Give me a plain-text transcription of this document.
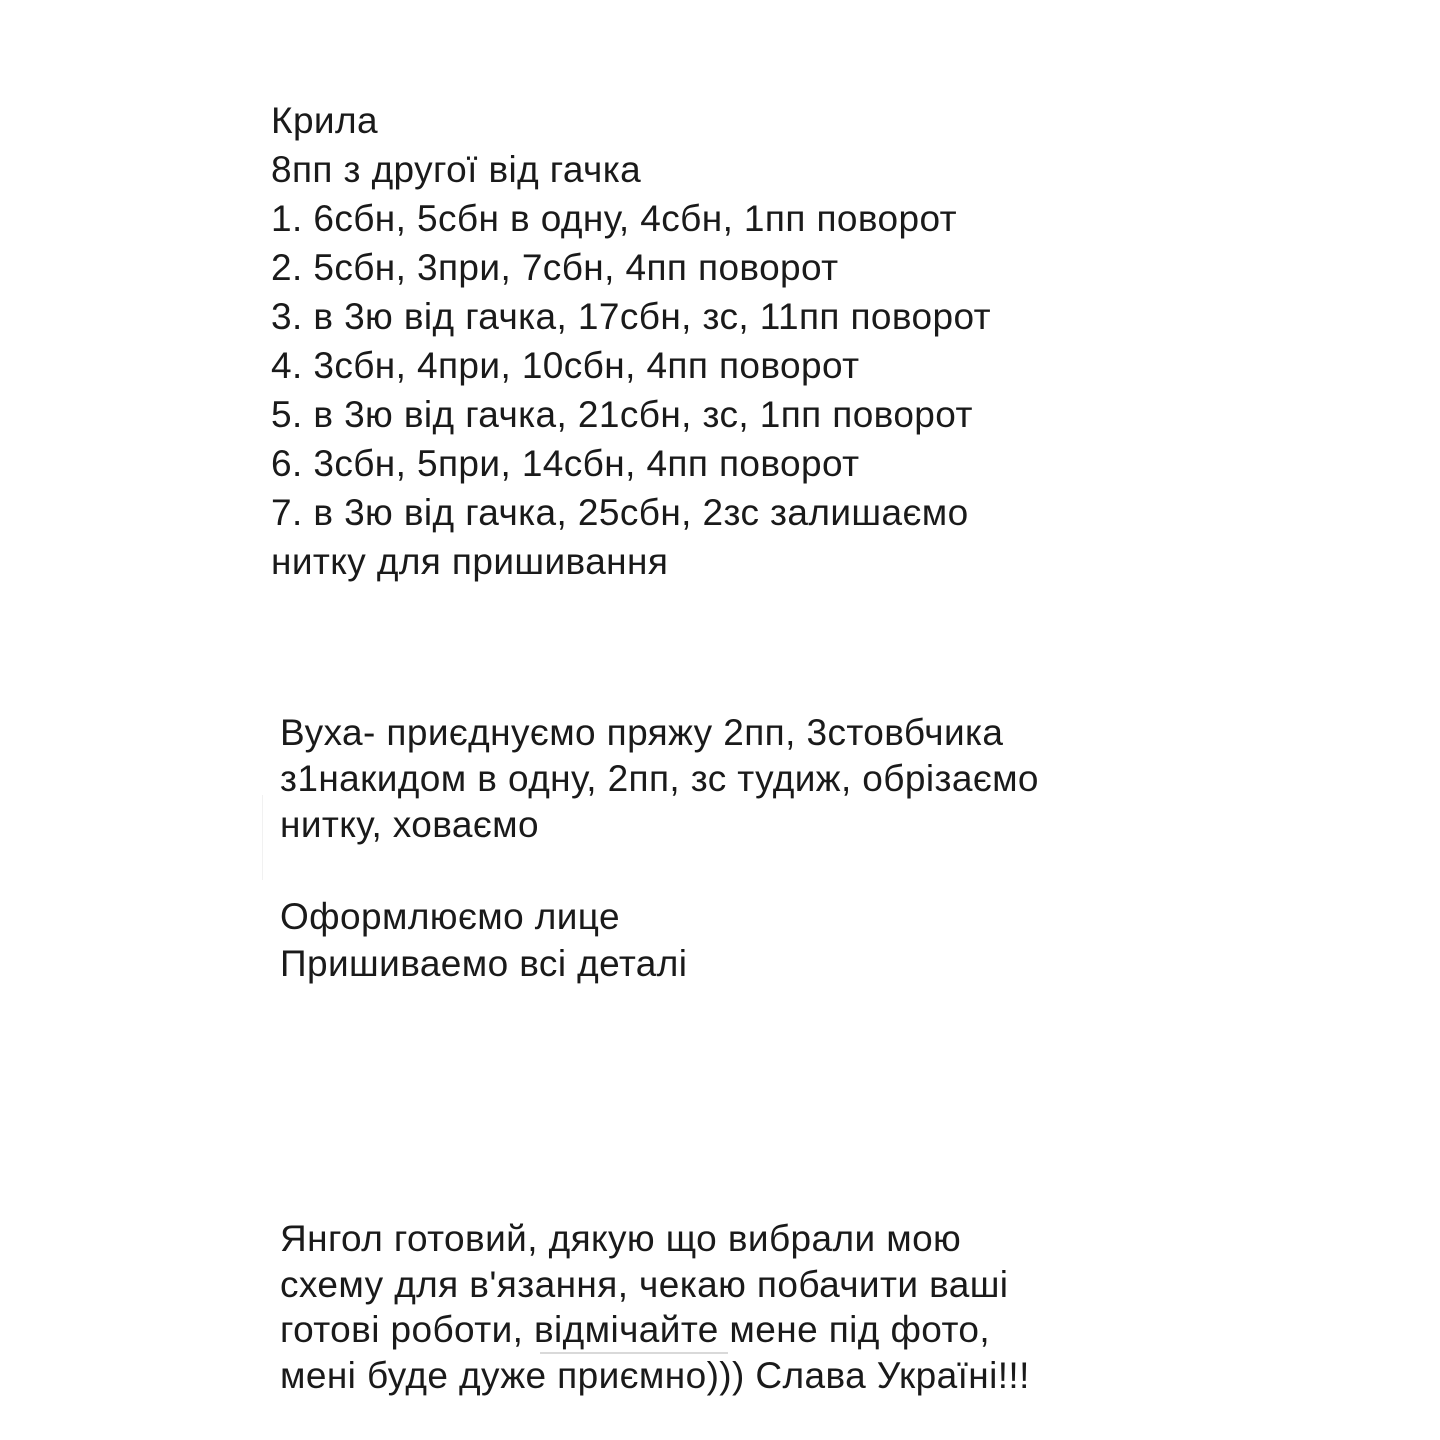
Крила
8пп з другої від гачка
1. 6сбн, 5сбн в одну, 4сбн, 1пп поворот
2. 5сбн, 3при, 7сбн, 4пп поворот
3. в 3ю від гачка, 17сбн, зс, 11пп поворот
4. 3сбн, 4при, 10сбн, 4пп поворот
5. в 3ю від гачка, 21сбн, зс, 1пп поворот
6. 3сбн, 5при, 14сбн, 4пп поворот
7. в 3ю від гачка, 25сбн, 2зс залишаємо
нитку для пришивання
Вуха- приєднуємо пряжу 2пп, 3стовбчика
з1накидом в одну, 2пп, зс тудиж, обрізаємо
нитку, ховаємо
Оформлюємо лице
Пришиваемо всі деталі
Янгол готовий, дякую що вибрали мою
схему для в'язання, чекаю побачити ваші
готові роботи, відмічайте мене під фото,
мені буде дуже приємно))) Слава Україні!!!
